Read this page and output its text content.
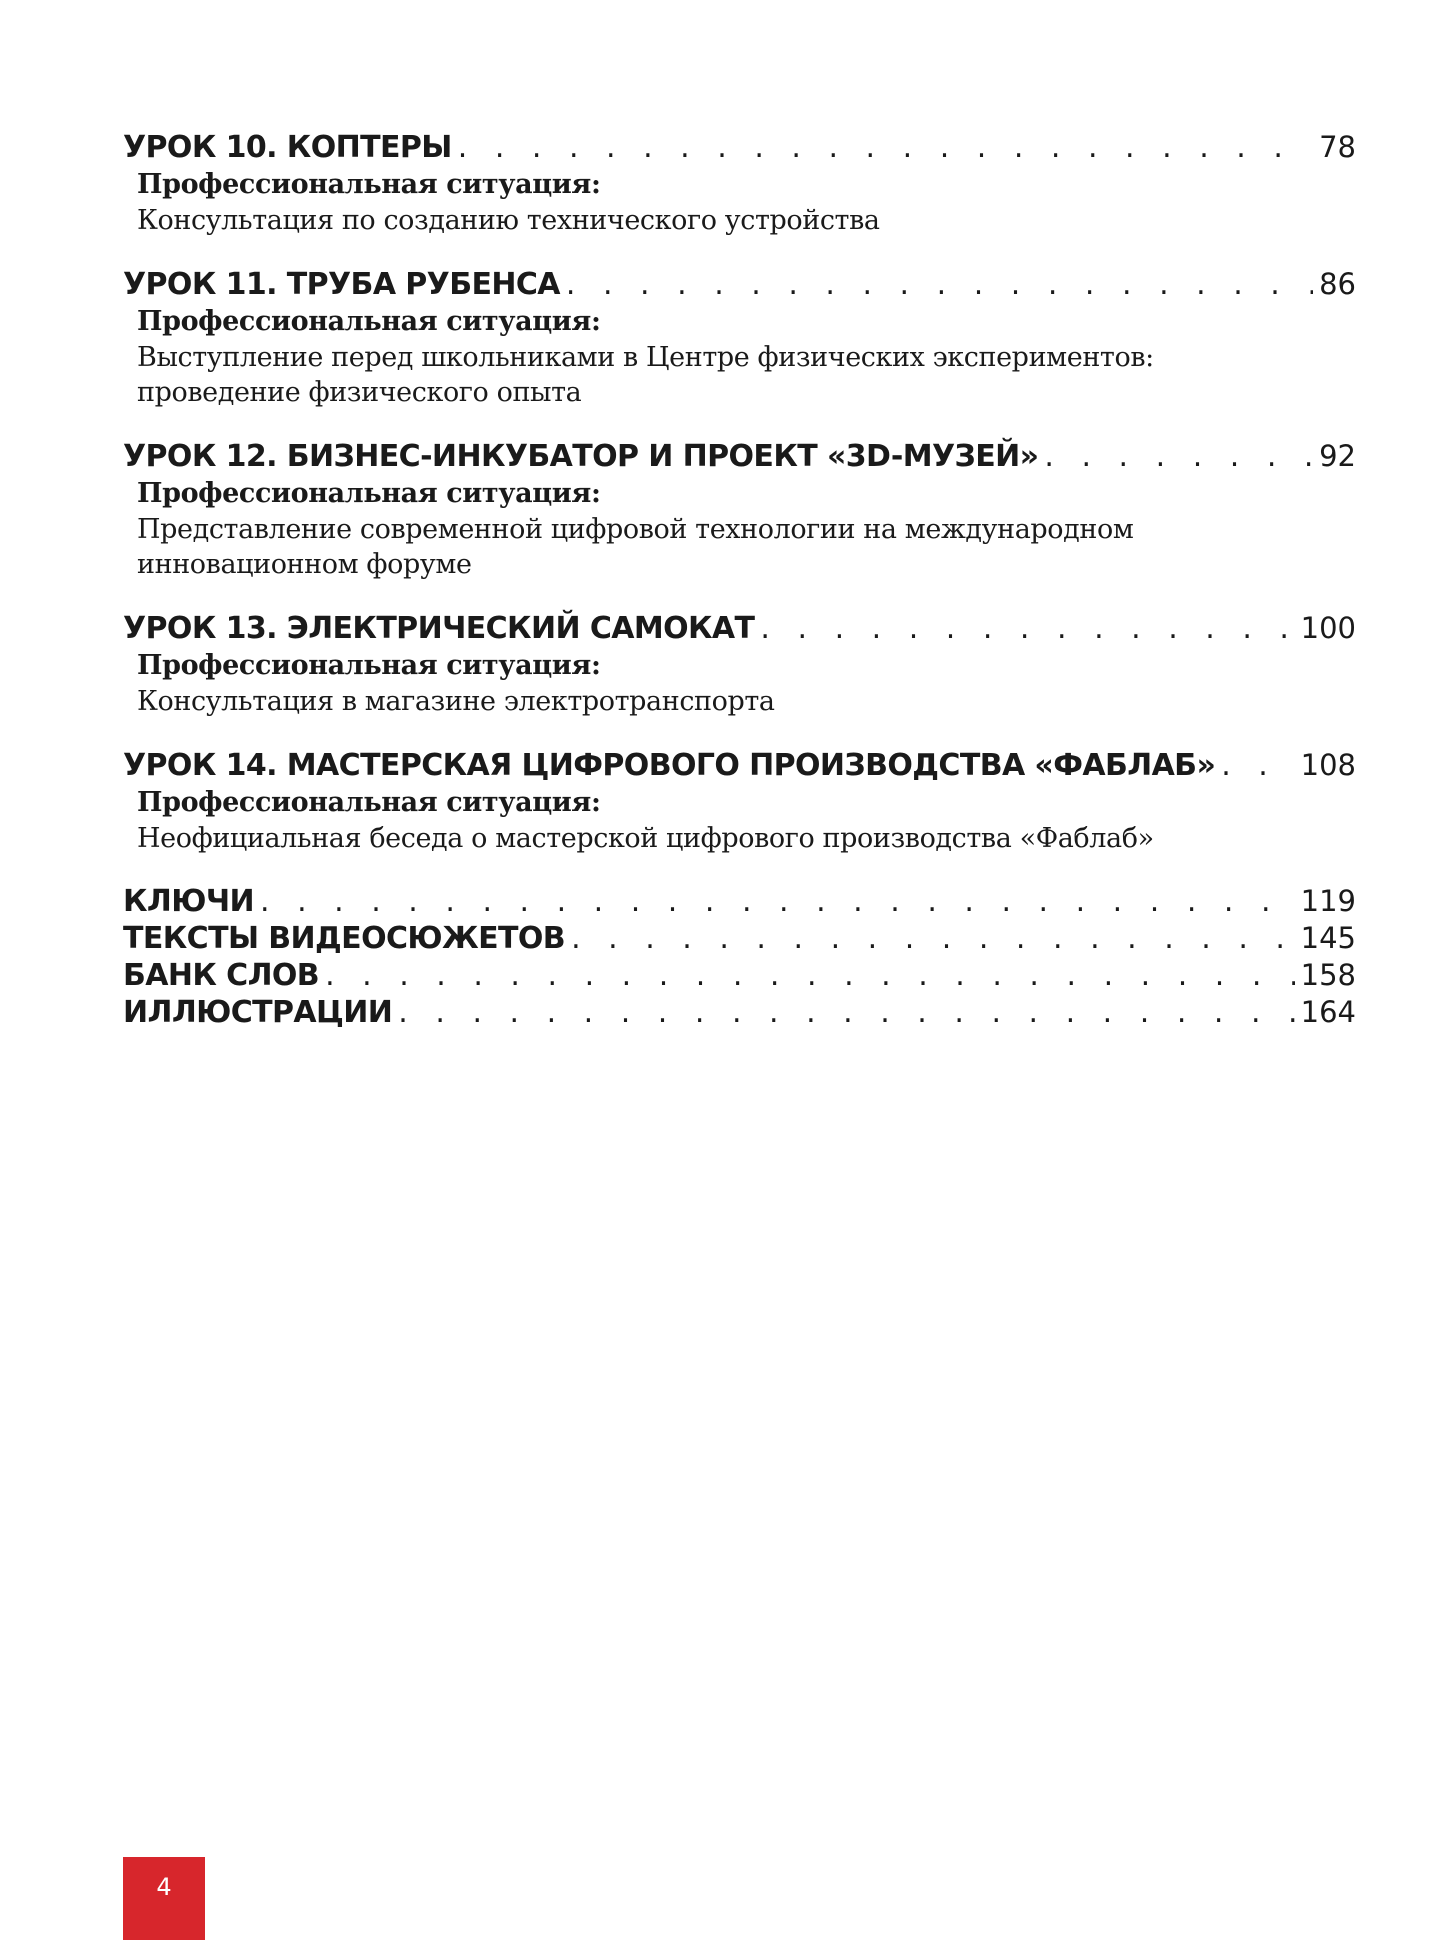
УРОК 10. КОПТЕРЫ . . .	78
Профессиональная ситуация:
Консультация по созданию технического устройства
УРОК 11. ТРУБА РУБЕНСА . . .	86
Профессиональная ситуация:
Выступление перед школьниками в Центре физических экспериментов:
проведение физического опыта
УРОК 12. БИЗНЕС-ИНКУБАТОР И ПРОЕКТ «3D-МУЗЕЙ» . . .	92
Профессиональная ситуация:
Представление современной цифровой технологии на международном
инновационном форуме
УРОК 13. ЭЛЕКТРИЧЕСКИЙ САМОКАТ . . .	100
Профессиональная ситуация:
Консультация в магазине электротранспорта
УРОК 14. МАСТЕРСКАЯ ЦИФРОВОГО ПРОИЗВОДСТВА «ФАБЛАБ» . . .	108
Профессиональная ситуация:
Неофициальная беседа о мастерской цифрового производства «Фаблаб»
КЛЮЧИ . . .	119
ТЕКСТЫ ВИДЕОСЮЖЕТОВ . . .	145
БАНК СЛОВ . . .	158
ИЛЛЮСТРАЦИИ . . .	164
4
